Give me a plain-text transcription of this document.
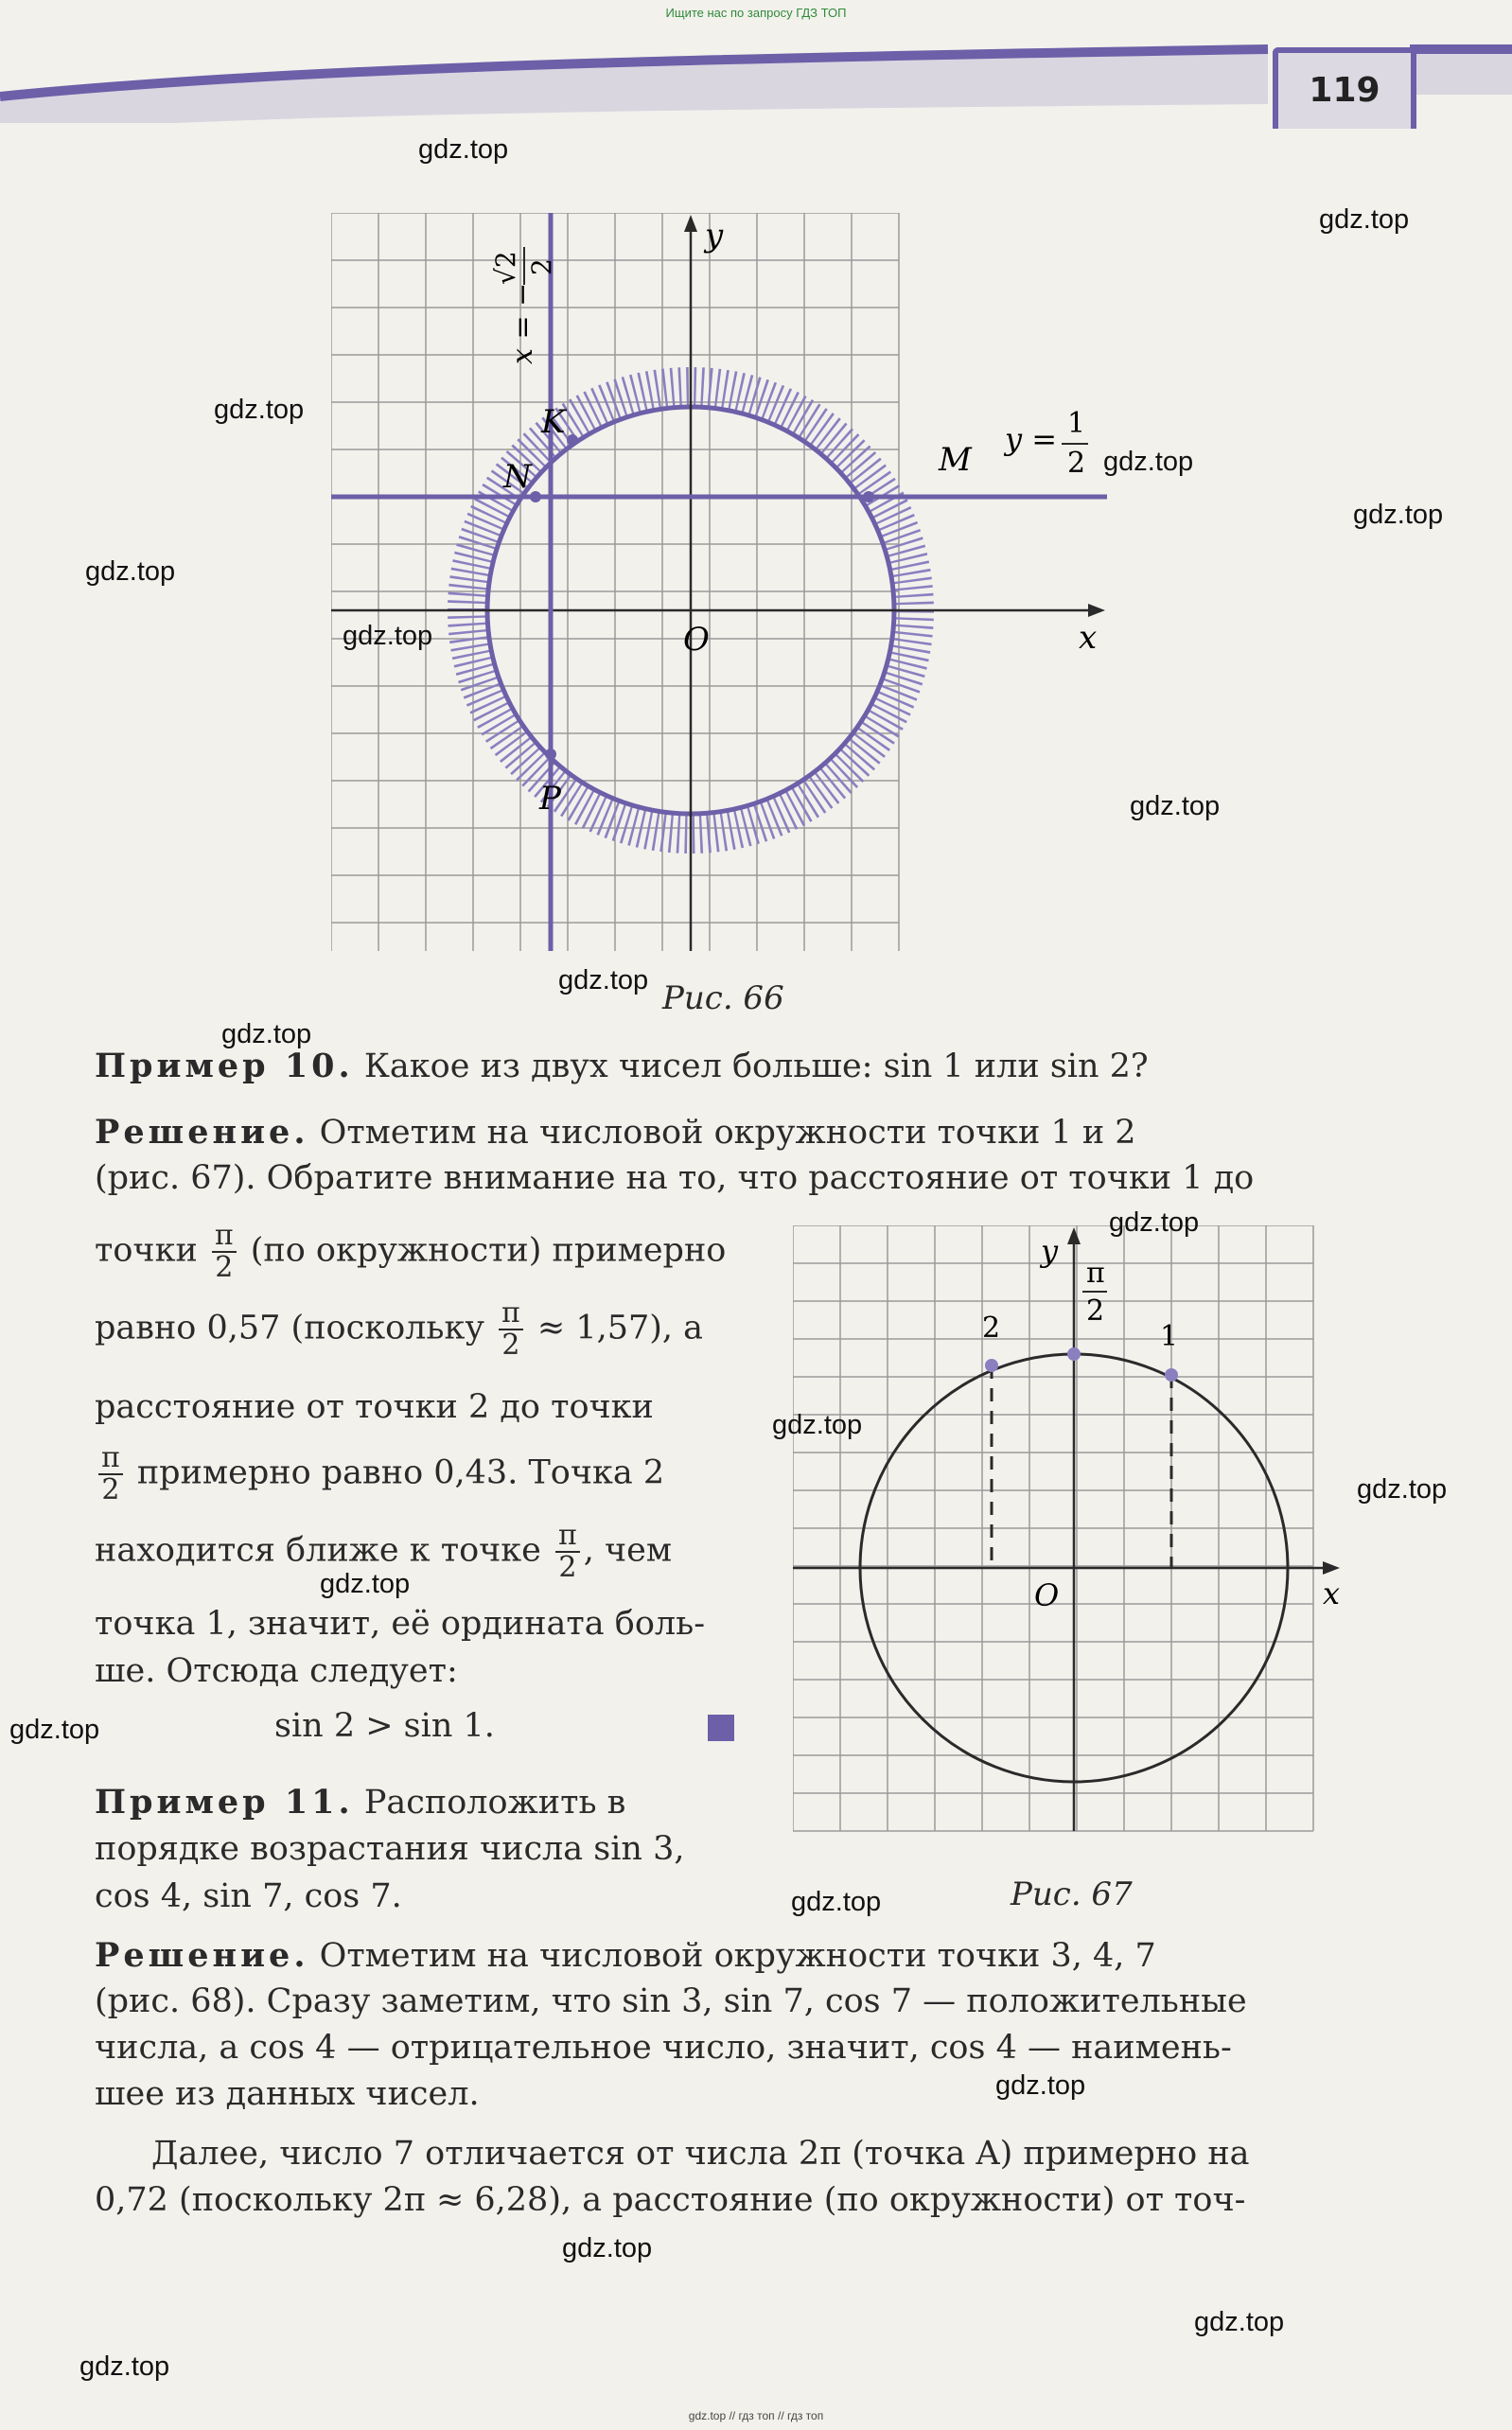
Ищите нас по запросу ГДЗ ТОП
119
y
x
O
K
N	M
P
y = 1
2
x = −
√2 2
Рис. 66
y
x
O
π
2
2	1
Рис. 67
Пример 10. Какое из двух чисел больше: sin 1 или sin 2?
Решение. Отметим на числовой окружности точки 1 и 2
(рис. 67). Обратите внимание на то, что расстояние от точки 1 до
точки $\frac{\pi}{2} (по$ окружности) примерно
равно 0,57 (поскольку $\frac{\pi}{2} \approx 1,57$), а
расстояние от точки 2 до точки
$\frac{\pi}{2}$ примерно равно 0,43. Точка 2
находится ближе к точке $\frac{\pi}{2}$ , чем
точка 1, значит, её ордината боль-
ше. Отсюда следует:
sin 2 > sin 1.
Пример 11. Расположить в
порядке возрастания числа sin 3,
cos 4, sin 7, cos 7.
Решение. Отметим на числовой окружности точки 3, 4, 7
(рис. 68). Сразу заметим, что sin 3, sin 7, cos 7 — положительные
числа, а cos 4 — отрицательное число, значит, cos 4 — наимень-
шее из данных чисел.
Далее, число 7 отличается от числа 2π (точка A) примерно на
0,72 (поскольку 2π ≈ 6,28), а расстояние (по окружности) от точ-
gdz.top
gdz.top
gdz.top
gdz.top
gdz.top
gdz.top
gdz.top
gdz.top
gdz.top
gdz.top
gdz.top
gdz.top
gdz.top
gdz.top
gdz.top
gdz.top
gdz.top
gdz.top
gdz.top
gdz.top
gdz.top // гдз топ // гдз топ
